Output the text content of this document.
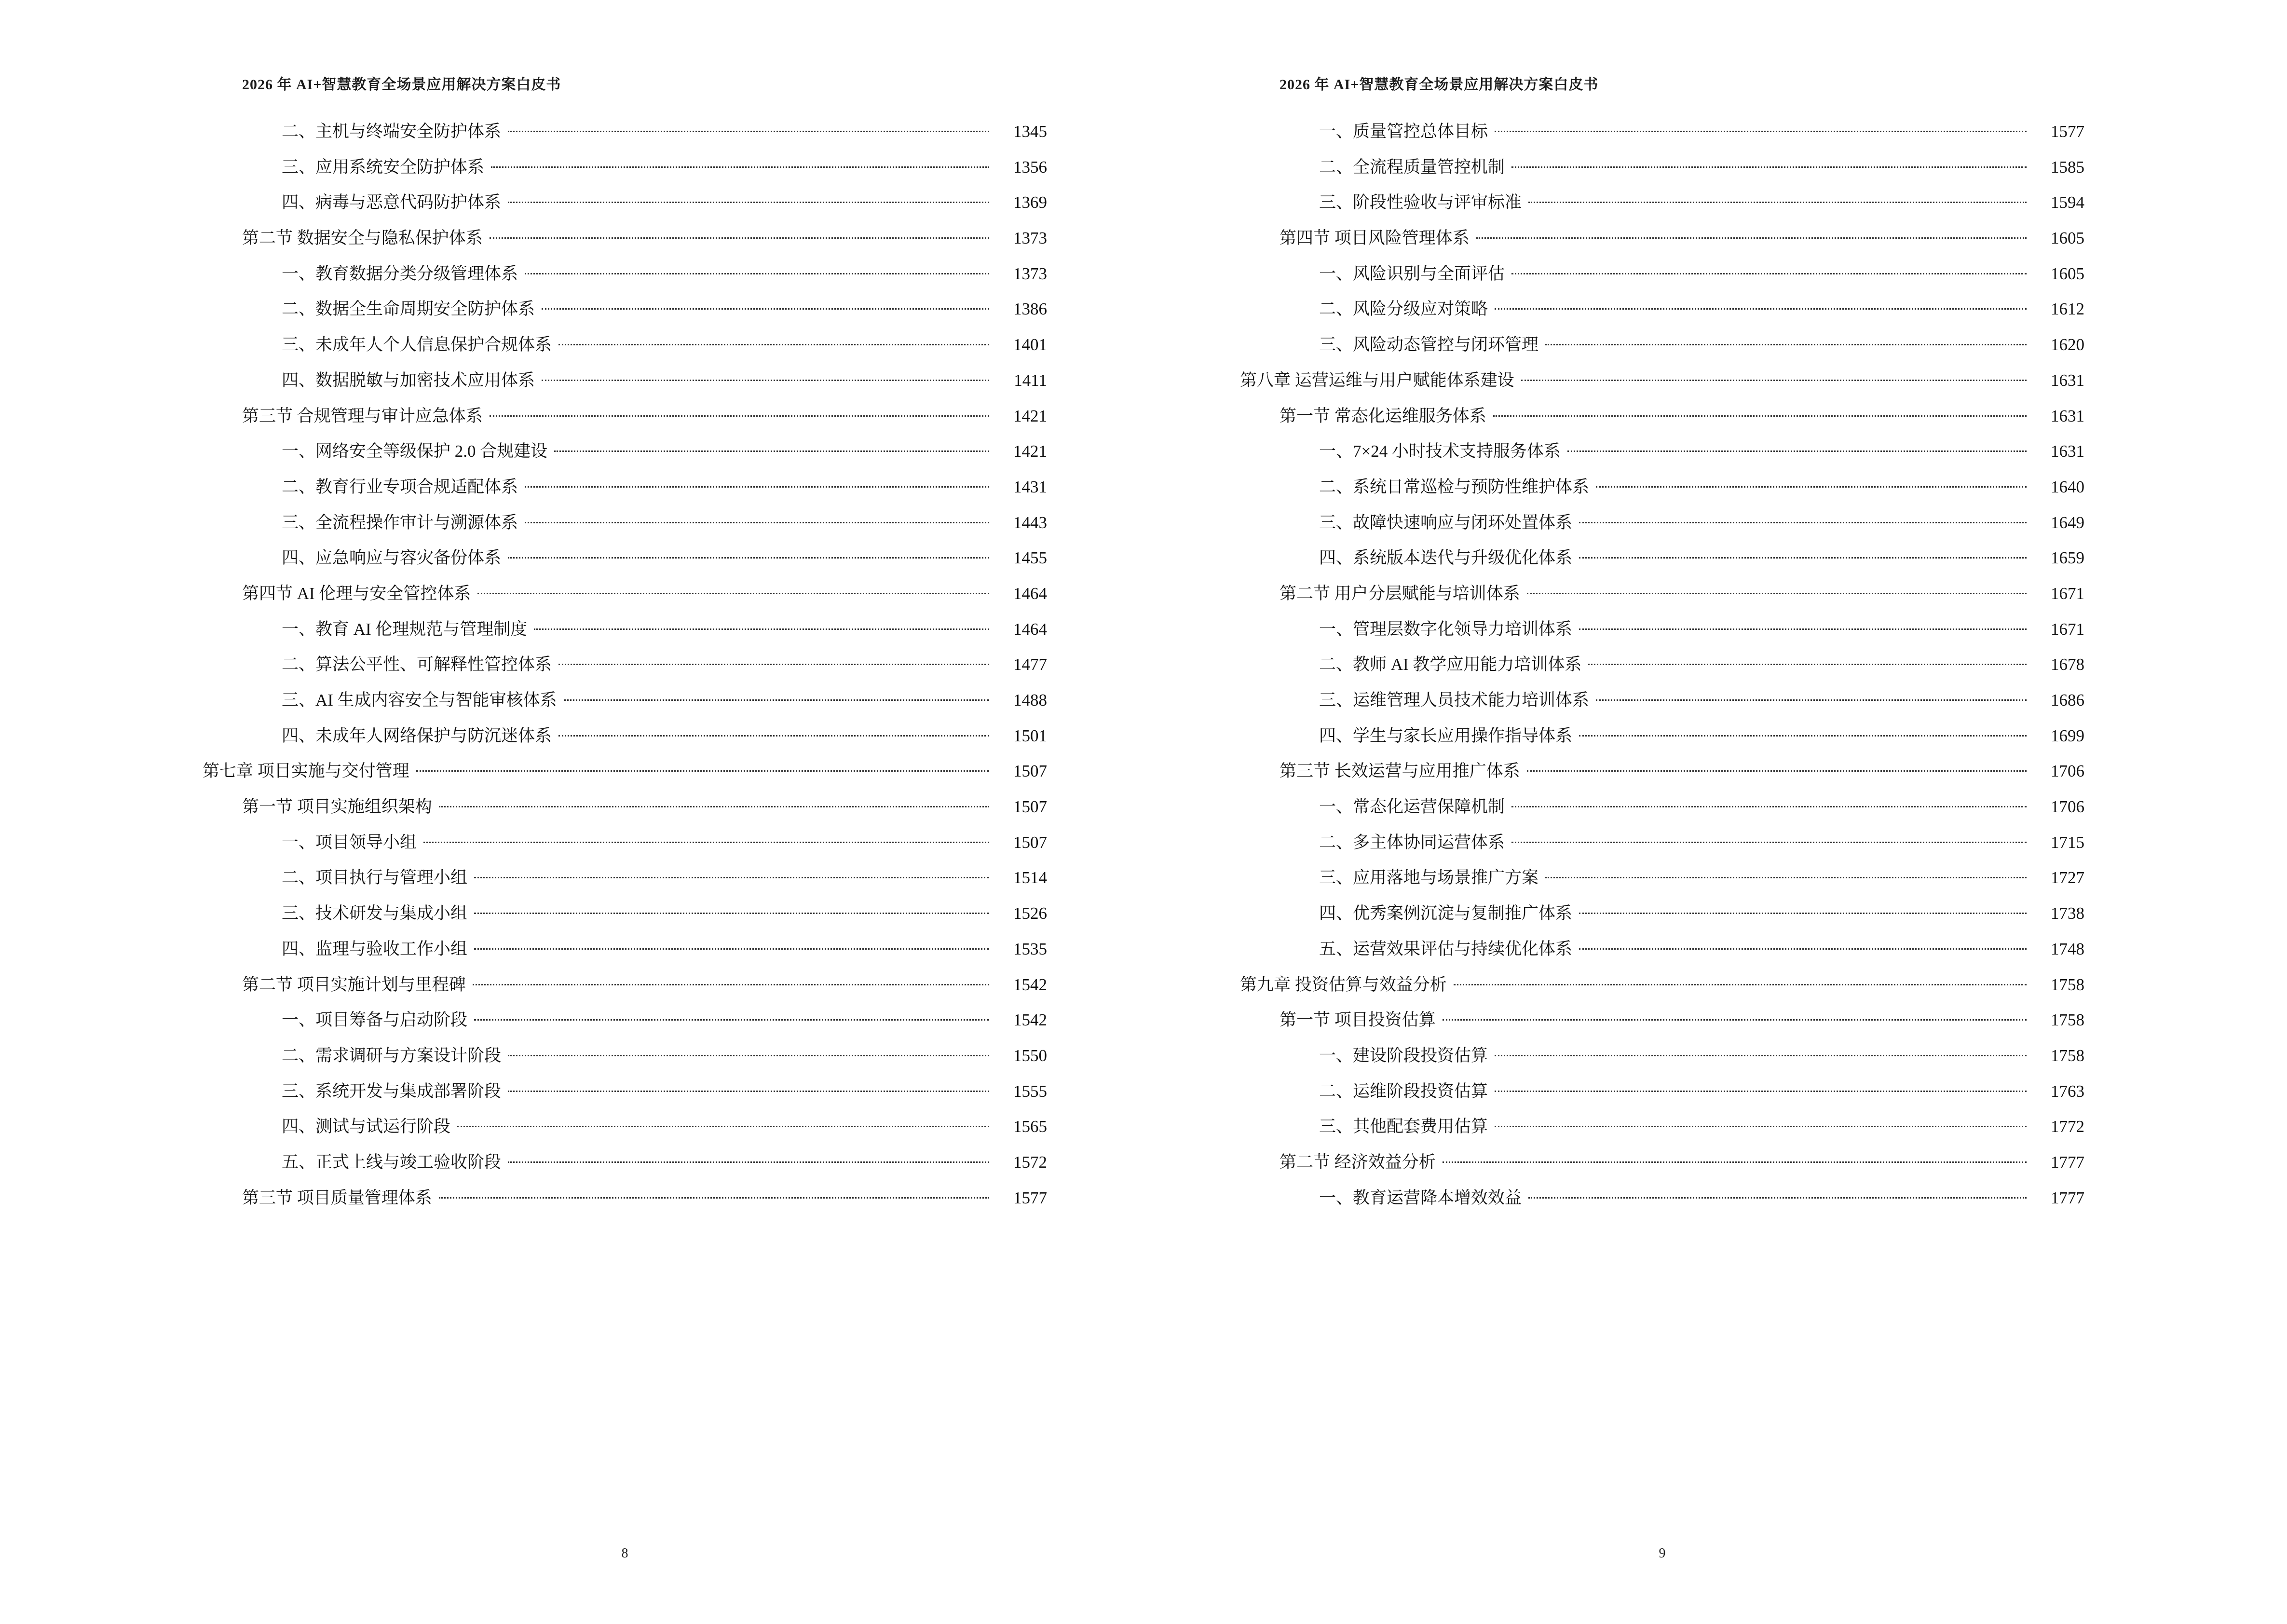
2026 年 AI+智慧教育全场景应用解决方案白皮书
二、主机与终端安全防护体系	1345
三、应用系统安全防护体系	1356
四、病毒与恶意代码防护体系	1369
第二节 数据安全与隐私保护体系	1373
一、教育数据分类分级管理体系	1373
二、数据全生命周期安全防护体系	1386
三、未成年人个人信息保护合规体系	1401
四、数据脱敏与加密技术应用体系	1411
第三节 合规管理与审计应急体系	1421
一、网络安全等级保护 2.0 合规建设	1421
二、教育行业专项合规适配体系	1431
三、全流程操作审计与溯源体系	1443
四、应急响应与容灾备份体系	1455
第四节 AI 伦理与安全管控体系	1464
一、教育 AI 伦理规范与管理制度	1464
二、算法公平性、可解释性管控体系	1477
三、AI 生成内容安全与智能审核体系	1488
四、未成年人网络保护与防沉迷体系	1501
第七章 项目实施与交付管理	1507
第一节 项目实施组织架构	1507
一、项目领导小组	1507
二、项目执行与管理小组	1514
三、技术研发与集成小组	1526
四、监理与验收工作小组	1535
第二节 项目实施计划与里程碑	1542
一、项目筹备与启动阶段	1542
二、需求调研与方案设计阶段	1550
三、系统开发与集成部署阶段	1555
四、测试与试运行阶段	1565
五、正式上线与竣工验收阶段	1572
第三节 项目质量管理体系	1577
8
2026 年 AI+智慧教育全场景应用解决方案白皮书
一、质量管控总体目标	1577
二、全流程质量管控机制	1585
三、阶段性验收与评审标准	1594
第四节 项目风险管理体系	1605
一、风险识别与全面评估	1605
二、风险分级应对策略	1612
三、风险动态管控与闭环管理	1620
第八章 运营运维与用户赋能体系建设	1631
第一节 常态化运维服务体系	1631
一、7×24 小时技术支持服务体系	1631
二、系统日常巡检与预防性维护体系	1640
三、故障快速响应与闭环处置体系	1649
四、系统版本迭代与升级优化体系	1659
第二节 用户分层赋能与培训体系	1671
一、管理层数字化领导力培训体系	1671
二、教师 AI 教学应用能力培训体系	1678
三、运维管理人员技术能力培训体系	1686
四、学生与家长应用操作指导体系	1699
第三节 长效运营与应用推广体系	1706
一、常态化运营保障机制	1706
二、多主体协同运营体系	1715
三、应用落地与场景推广方案	1727
四、优秀案例沉淀与复制推广体系	1738
五、运营效果评估与持续优化体系	1748
第九章 投资估算与效益分析	1758
第一节 项目投资估算	1758
一、建设阶段投资估算	1758
二、运维阶段投资估算	1763
三、其他配套费用估算	1772
第二节 经济效益分析	1777
一、教育运营降本增效效益	1777
9
